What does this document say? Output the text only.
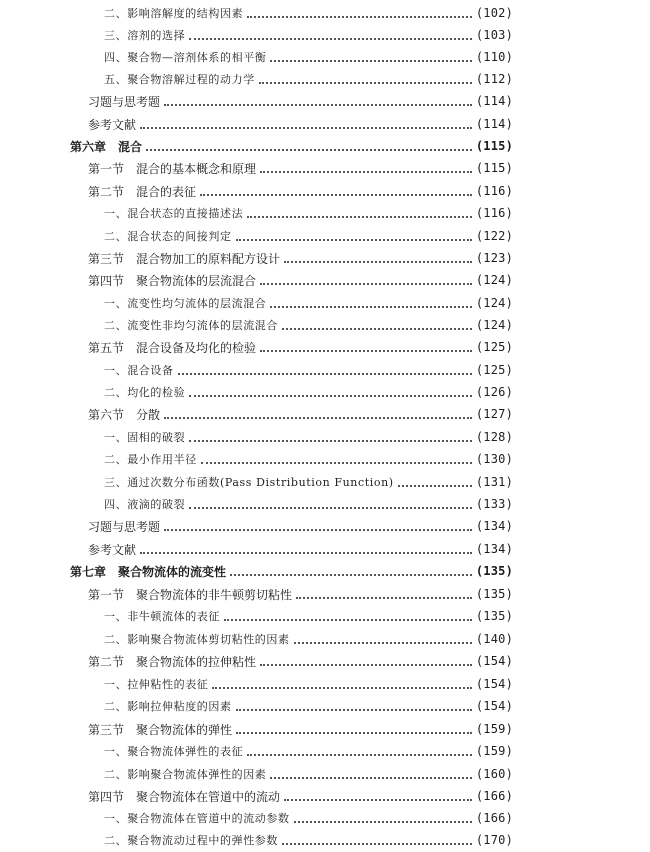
二、影响溶解度的结构因素	(102)
三、溶剂的选择	(103)
四、聚合物—溶剂体系的相平衡	(110)
五、聚合物溶解过程的动力学	(112)
习题与思考题	(114)
参考文献	(114)
第六章　混合	(115)
第一节　混合的基本概念和原理	(115)
第二节　混合的表征	(116)
一、混合状态的直接描述法	(116)
二、混合状态的间接判定	(122)
第三节　混合物加工的原料配方设计	(123)
第四节　聚合物流体的层流混合	(124)
一、流变性均匀流体的层流混合	(124)
二、流变性非均匀流体的层流混合	(124)
第五节　混合设备及均化的检验	(125)
一、混合设备	(125)
二、均化的检验	(126)
第六节　分散	(127)
一、固相的破裂	(128)
二、最小作用半径	(130)
三、通过次数分布函数(Pass Distribution Function)	(131)
四、液滴的破裂	(133)
习题与思考题	(134)
参考文献	(134)
第七章　聚合物流体的流变性	(135)
第一节　聚合物流体的非牛顿剪切粘性	(135)
一、非牛顿流体的表征	(135)
二、影响聚合物流体剪切粘性的因素	(140)
第二节　聚合物流体的拉伸粘性	(154)
一、拉伸粘性的表征	(154)
二、影响拉伸粘度的因素	(154)
第三节　聚合物流体的弹性	(159)
一、聚合物流体弹性的表征	(159)
二、影响聚合物流体弹性的因素	(160)
第四节　聚合物流体在管道中的流动	(166)
一、聚合物流体在管道中的流动参数	(166)
二、聚合物流动过程中的弹性参数	(170)
